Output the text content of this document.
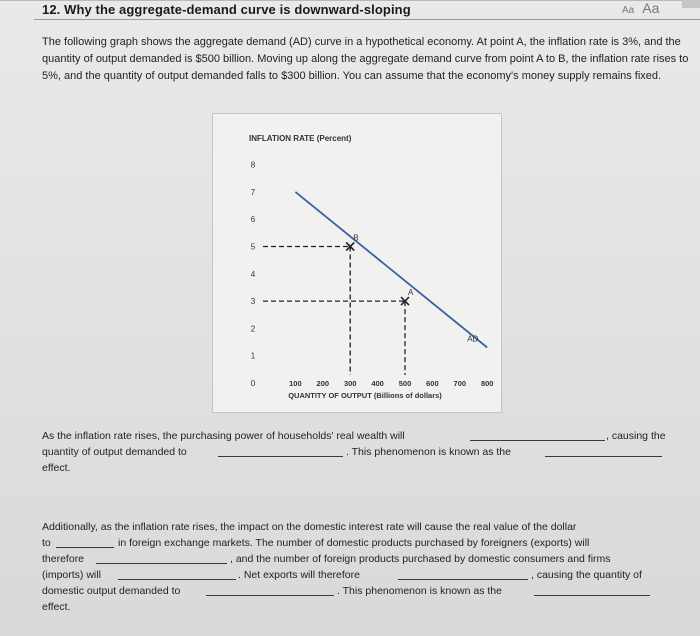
12. Why the aggregate-demand curve is downward-sloping	Aa Aa
The following graph shows the aggregate demand (AD) curve in a hypothetical economy. At point A, the inflation rate is 3%, and the quantity of output demanded is $500 billion. Moving up along the aggregate demand curve from point A to B, the inflation rate rises to 5%, and the quantity of output demanded falls to $300 billion. You can assume that the economy's money supply remains fixed.
INFLATION RATE (Percent)
0
1
2
3
4
5
6
7
8
100 200 300 400 500 600 700 800
QUANTITY OF OUTPUT (Billions of dollars)
AD
B
A
As the inflation rate rises, the purchasing power of households' real wealth will	, causing the
quantity of output demanded to	. This phenomenon is known as the
effect.
Additionally, as the inflation rate rises, the impact on the domestic interest rate will cause the real value of the dollar
to	in foreign exchange markets. The number of domestic products purchased by foreigners (exports) will
therefore	, and the number of foreign products purchased by domestic consumers and firms
(imports) will	. Net exports will therefore	, causing the quantity of
domestic output demanded to	. This phenomenon is known as the
effect.
